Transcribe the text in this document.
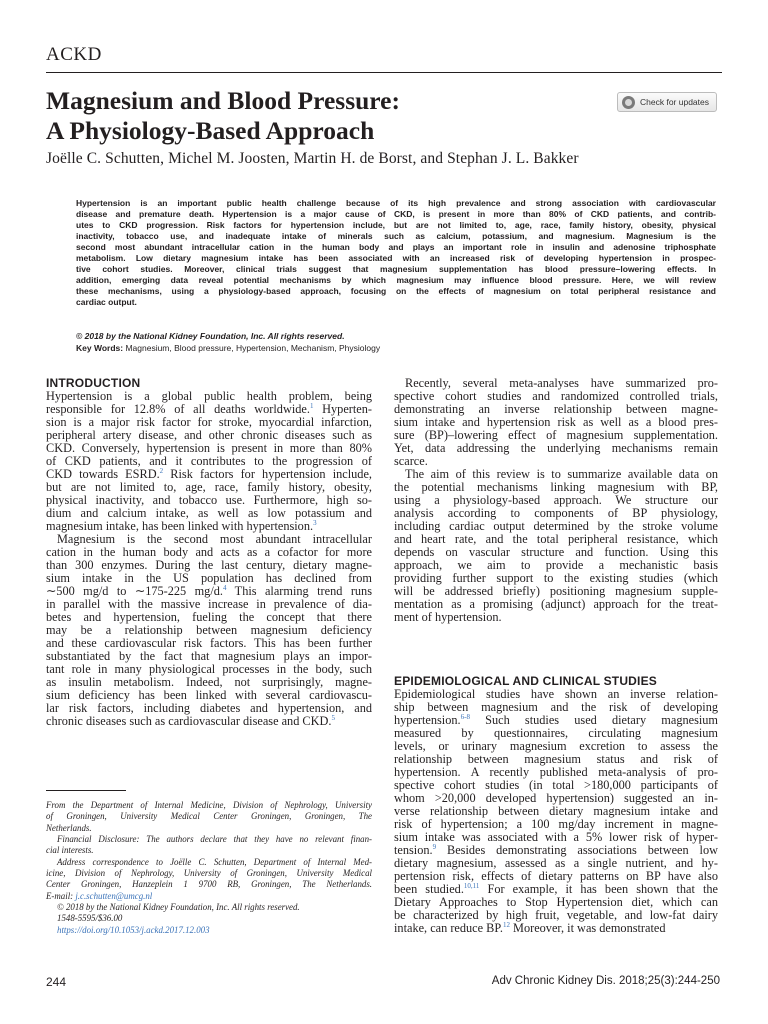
ACKD
Magnesium and Blood Pressure:
A Physiology-Based Approach
Check for updates
Joëlle C. Schutten, Michel M. Joosten, Martin H. de Borst, and Stephan J. L. Bakker
Hypertension is an important public health challenge because of its high prevalence and strong association with cardiovascular
disease and premature death. Hypertension is a major cause of CKD, is present in more than 80% of CKD patients, and contrib-
utes to CKD progression. Risk factors for hypertension include, but are not limited to, age, race, family history, obesity, physical
inactivity, tobacco use, and inadequate intake of minerals such as calcium, potassium, and magnesium. Magnesium is the
second most abundant intracellular cation in the human body and plays an important role in insulin and adenosine triphosphate
metabolism. Low dietary magnesium intake has been associated with an increased risk of developing hypertension in prospec-
tive cohort studies. Moreover, clinical trials suggest that magnesium supplementation has blood pressure–lowering effects. In
addition, emerging data reveal potential mechanisms by which magnesium may influence blood pressure. Here, we will review
these mechanisms, using a physiology-based approach, focusing on the effects of magnesium on total peripheral resistance and
cardiac output.
© 2018 by the National Kidney Foundation, Inc. All rights reserved.
Key Words: Magnesium, Blood pressure, Hypertension, Mechanism, Physiology
INTRODUCTION
Hypertension is a global public health problem, being
responsible for 12.8% of all deaths worldwide.$^1$ Hyperten-
sion is a major risk factor for stroke, myocardial infarction,
peripheral artery disease, and other chronic diseases such as
CKD. Conversely, hypertension is present in more than 80%
of CKD patients, and it contributes to the progression of
CKD towards ESRD.$^2$ Risk factors for hypertension include,
but are not limited to, age, race, family history, obesity,
physical inactivity, and tobacco use. Furthermore, high so-
dium and calcium intake, as well as low potassium and
magnesium intake, has been linked with hypertension.$^3$
Magnesium is the second most abundant intracellular
cation in the human body and acts as a cofactor for more
than 300 enzymes. During the last century, dietary magne-
sium intake in the US population has declined from
∼500 mg/d to ∼175-225 mg/d.$^4$ This alarming trend runs
in parallel with the massive increase in prevalence of dia-
betes and hypertension, fueling the concept that there
may be a relationship between magnesium deficiency
and these cardiovascular risk factors. This has been further
substantiated by the fact that magnesium plays an impor-
tant role in many physiological processes in the body, such
as insulin metabolism. Indeed, not surprisingly, magne-
sium deficiency has been linked with several cardiovascu-
lar risk factors, including diabetes and hypertension, and
chronic diseases such as cardiovascular disease and CKD.$^5$
From the Department of Internal Medicine, Division of Nephrology, University
of Groningen, University Medical Center Groningen, Groningen, The
Netherlands.
Financial Disclosure: The authors declare that they have no relevant finan-
cial interests.
Address correspondence to Joëlle C. Schutten, Department of Internal Med-
icine, Division of Nephrology, University of Groningen, University Medical
Center Groningen, Hanzeplein 1 9700 RB, Groningen, The Netherlands.
E-mail: j.c.schutten@umcg.nl
© 2018 by the National Kidney Foundation, Inc. All rights reserved.
1548-5595/$36.00
https://doi.org/10.1053/j.ackd.2017.12.003
Recently, several meta-analyses have summarized pro-
spective cohort studies and randomized controlled trials,
demonstrating an inverse relationship between magne-
sium intake and hypertension risk as well as a blood pres-
sure (BP)–lowering effect of magnesium supplementation.
Yet, data addressing the underlying mechanisms remain
scarce.
The aim of this review is to summarize available data on
the potential mechanisms linking magnesium with BP,
using a physiology-based approach. We structure our
analysis according to components of BP physiology,
including cardiac output determined by the stroke volume
and heart rate, and the total peripheral resistance, which
depends on vascular structure and function. Using this
approach, we aim to provide a mechanistic basis
providing further support to the existing studies (which
will be addressed briefly) positioning magnesium supple-
mentation as a promising (adjunct) approach for the treat-
ment of hypertension.
EPIDEMIOLOGICAL AND CLINICAL STUDIES
Epidemiological studies have shown an inverse relation-
ship between magnesium and the risk of developing
hypertension.$^{6-8}$ Such studies used dietary magnesium
measured by questionnaires, circulating magnesium
levels, or urinary magnesium excretion to assess the
relationship between magnesium status and risk of
hypertension. A recently published meta-analysis of pro-
spective cohort studies (in total >180,000 participants of
whom >20,000 developed hypertension) suggested an in-
verse relationship between dietary magnesium intake and
risk of hypertension; a 100 mg/day increment in magne-
sium intake was associated with a 5% lower risk of hyper-
tension.$^9$ Besides demonstrating associations between low
dietary magnesium, assessed as a single nutrient, and hy-
pertension risk, effects of dietary patterns on BP have also
been studied.$^{10,11}$ For example, it has been shown that the
Dietary Approaches to Stop Hypertension diet, which can
be characterized by high fruit, vegetable, and low-fat dairy
intake, can reduce BP.$^{12}$ Moreover, it was demonstrated
244	Adv Chronic Kidney Dis. 2018;25(3):244-250
